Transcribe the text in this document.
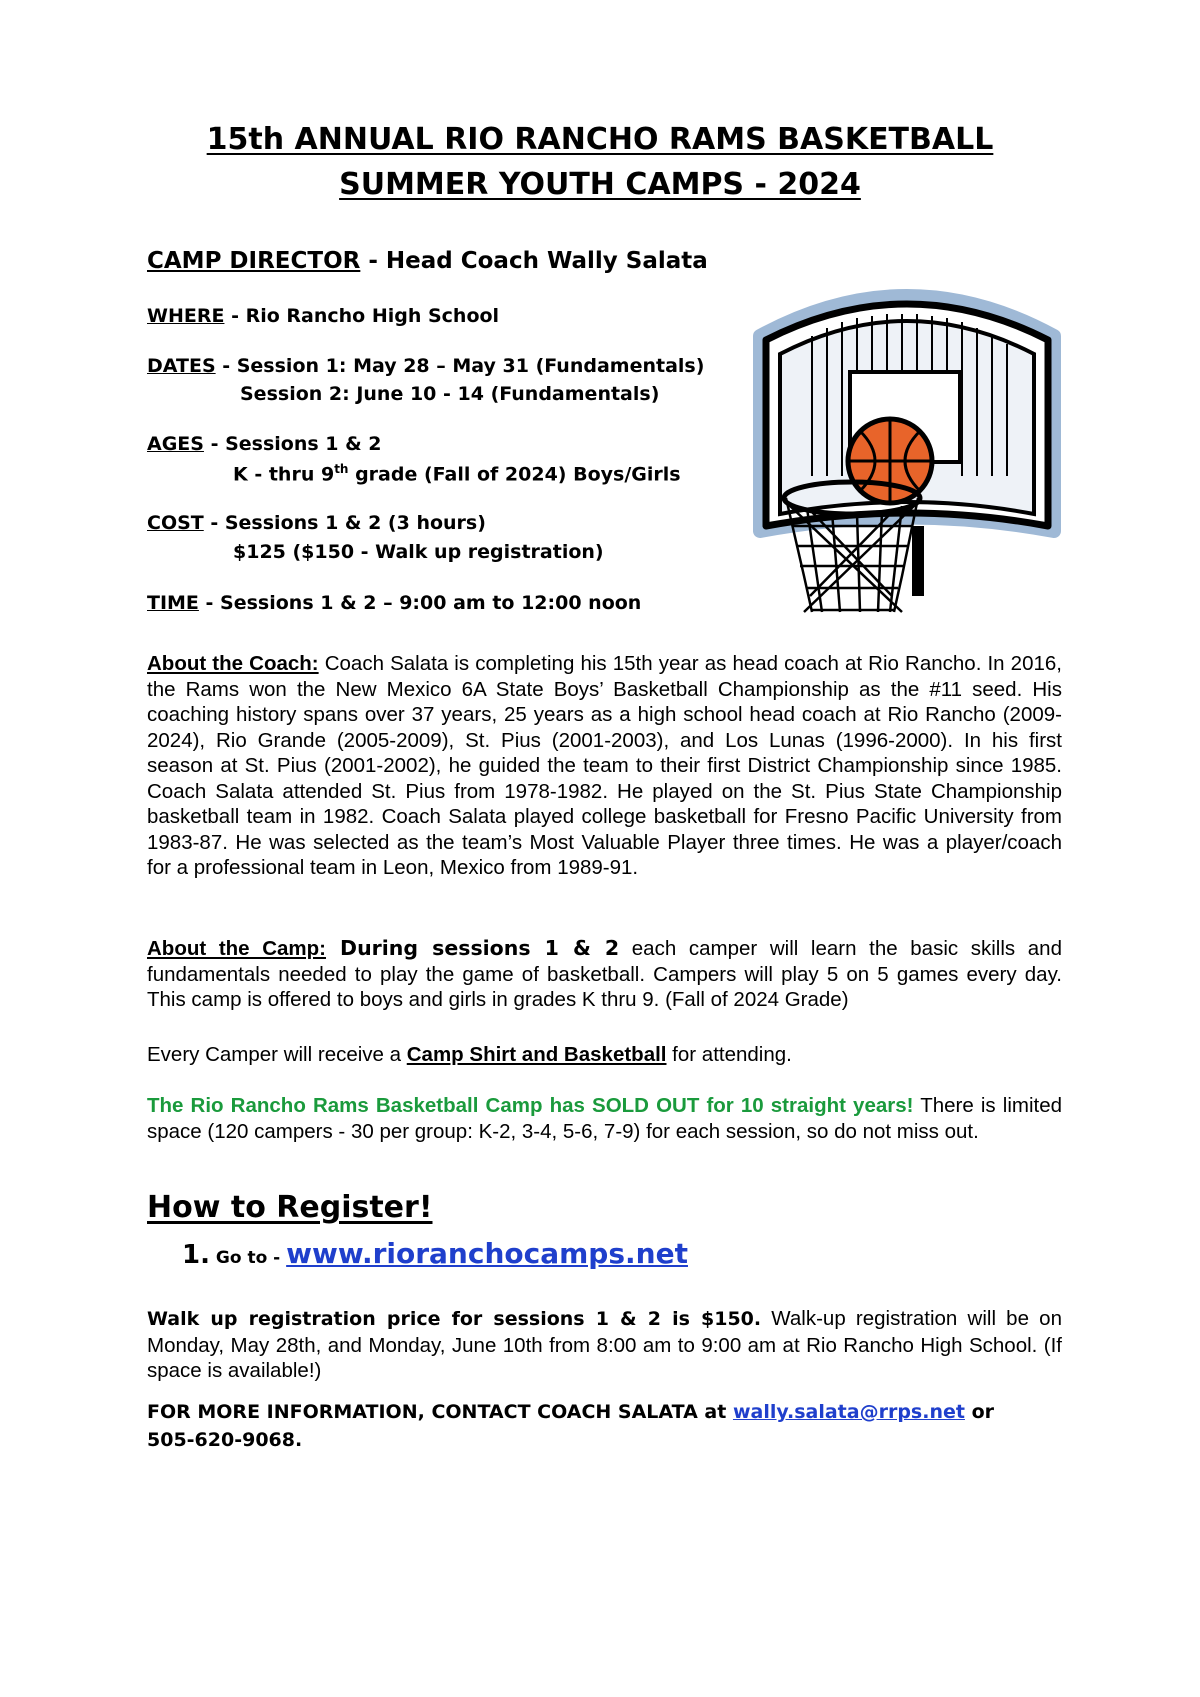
15th ANNUAL RIO RANCHO RAMS BASKETBALL
SUMMER YOUTH CAMPS - 2024
CAMP DIRECTOR - Head Coach Wally Salata
WHERE - Rio Rancho High School
DATES - Session 1: May 28 – May 31 (Fundamentals)
Session 2: June 10 - 14 (Fundamentals)
AGES - Sessions 1 & 2
K - thru 9th grade (Fall of 2024) Boys/Girls
COST - Sessions 1 & 2 (3 hours)
$125 ($150 - Walk up registration)
TIME - Sessions 1 & 2 – 9:00 am to 12:00 noon
About the Coach: Coach Salata is completing his 15th year as head coach at Rio Rancho. In 2016, the Rams won the New Mexico 6A State Boys’ Basketball Championship as the #11 seed. His coaching history spans over 37 years, 25 years as a high school head coach at Rio Rancho (2009-2024), Rio Grande (2005-2009), St. Pius (2001-2003), and Los Lunas (1996-2000). In his first season at St. Pius (2001-2002), he guided the team to their first District Championship since 1985. Coach Salata attended St. Pius from 1978-1982. He played on the St. Pius State Championship basketball team in 1982. Coach Salata played college basketball for Fresno Pacific University from 1983-87. He was selected as the team’s Most Valuable Player three times. He was a player/coach for a professional team in Leon, Mexico from 1989-91.
About the Camp: During sessions 1 & 2 each camper will learn the basic skills and fundamentals needed to play the game of basketball. Campers will play 5 on 5 games every day. This camp is offered to boys and girls in grades K thru 9. (Fall of 2024 Grade)
Every Camper will receive a Camp Shirt and Basketball for attending.
The Rio Rancho Rams Basketball Camp has SOLD OUT for 10 straight years! There is limited space (120 campers - 30 per group: K-2, 3-4, 5-6, 7-9) for each session, so do not miss out.
How to Register!
1. Go to - www.rioranchocamps.net
Walk up registration price for sessions 1 & 2 is $150. Walk-up registration will be on Monday, May 28th, and Monday, June 10th from 8:00 am to 9:00 am at Rio Rancho High School. (If space is available!)
FOR MORE INFORMATION, CONTACT COACH SALATA at wally.salata@rrps.net or
505-620-9068.
